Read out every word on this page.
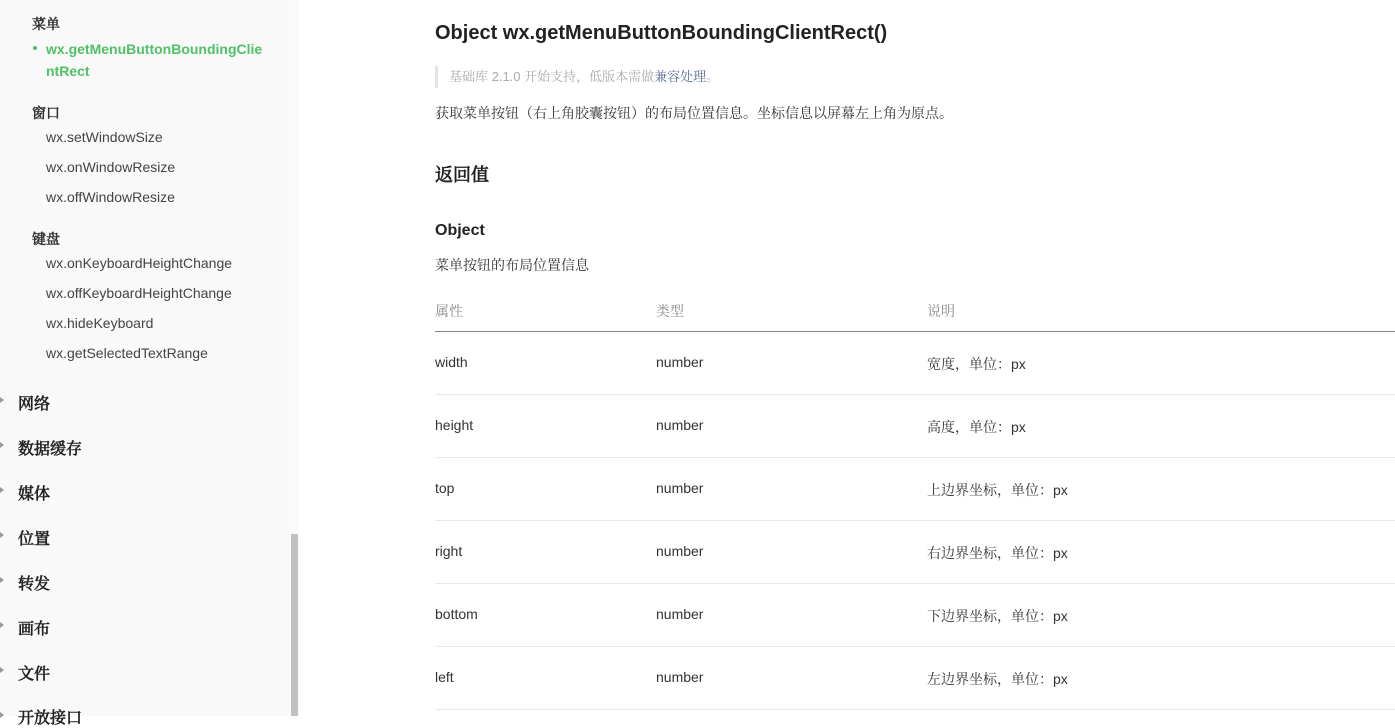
菜单
wx.getMenuButtonBoundingClientRect
窗口
wx.setWindowSize
wx.onWindowResize
wx.offWindowResize
键盘
wx.onKeyboardHeightChange
wx.offKeyboardHeightChange
wx.hideKeyboard
wx.getSelectedTextRange
网络
数据缓存
媒体
位置
转发
画布
文件
开放接口
Object wx.getMenuButtonBoundingClientRect()
基础库 2.1.0 开始支持，低版本需做兼容处理。
获取菜单按钮（右上角胶囊按钮）的布局位置信息。坐标信息以屏幕左上角为原点。
返回值
Object
菜单按钮的布局位置信息
属性	类型	说明
width	number	宽度，单位：px
height	number	高度，单位：px
top	number	上边界坐标，单位：px
right	number	右边界坐标，单位：px
bottom	number	下边界坐标，单位：px
left	number	左边界坐标，单位：px
